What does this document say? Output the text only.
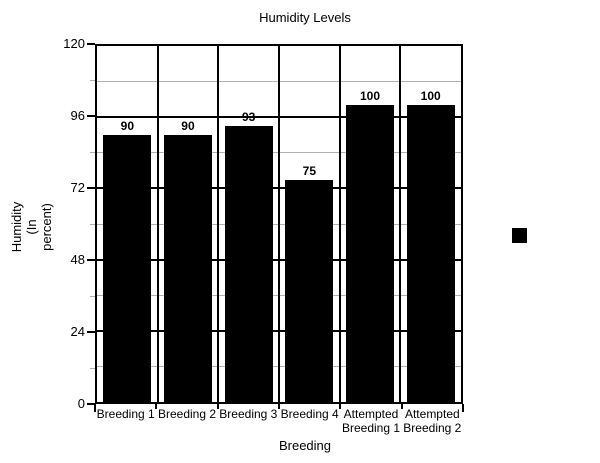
Humidity Levels
Humidity (In percent)
90	90
93
75
100	100
Breeding
0
24
48
72
96
120
Breeding 1 Breeding 2 Breeding 3 Breeding 4 Attempted Breeding 1
Attempted Breeding 2
